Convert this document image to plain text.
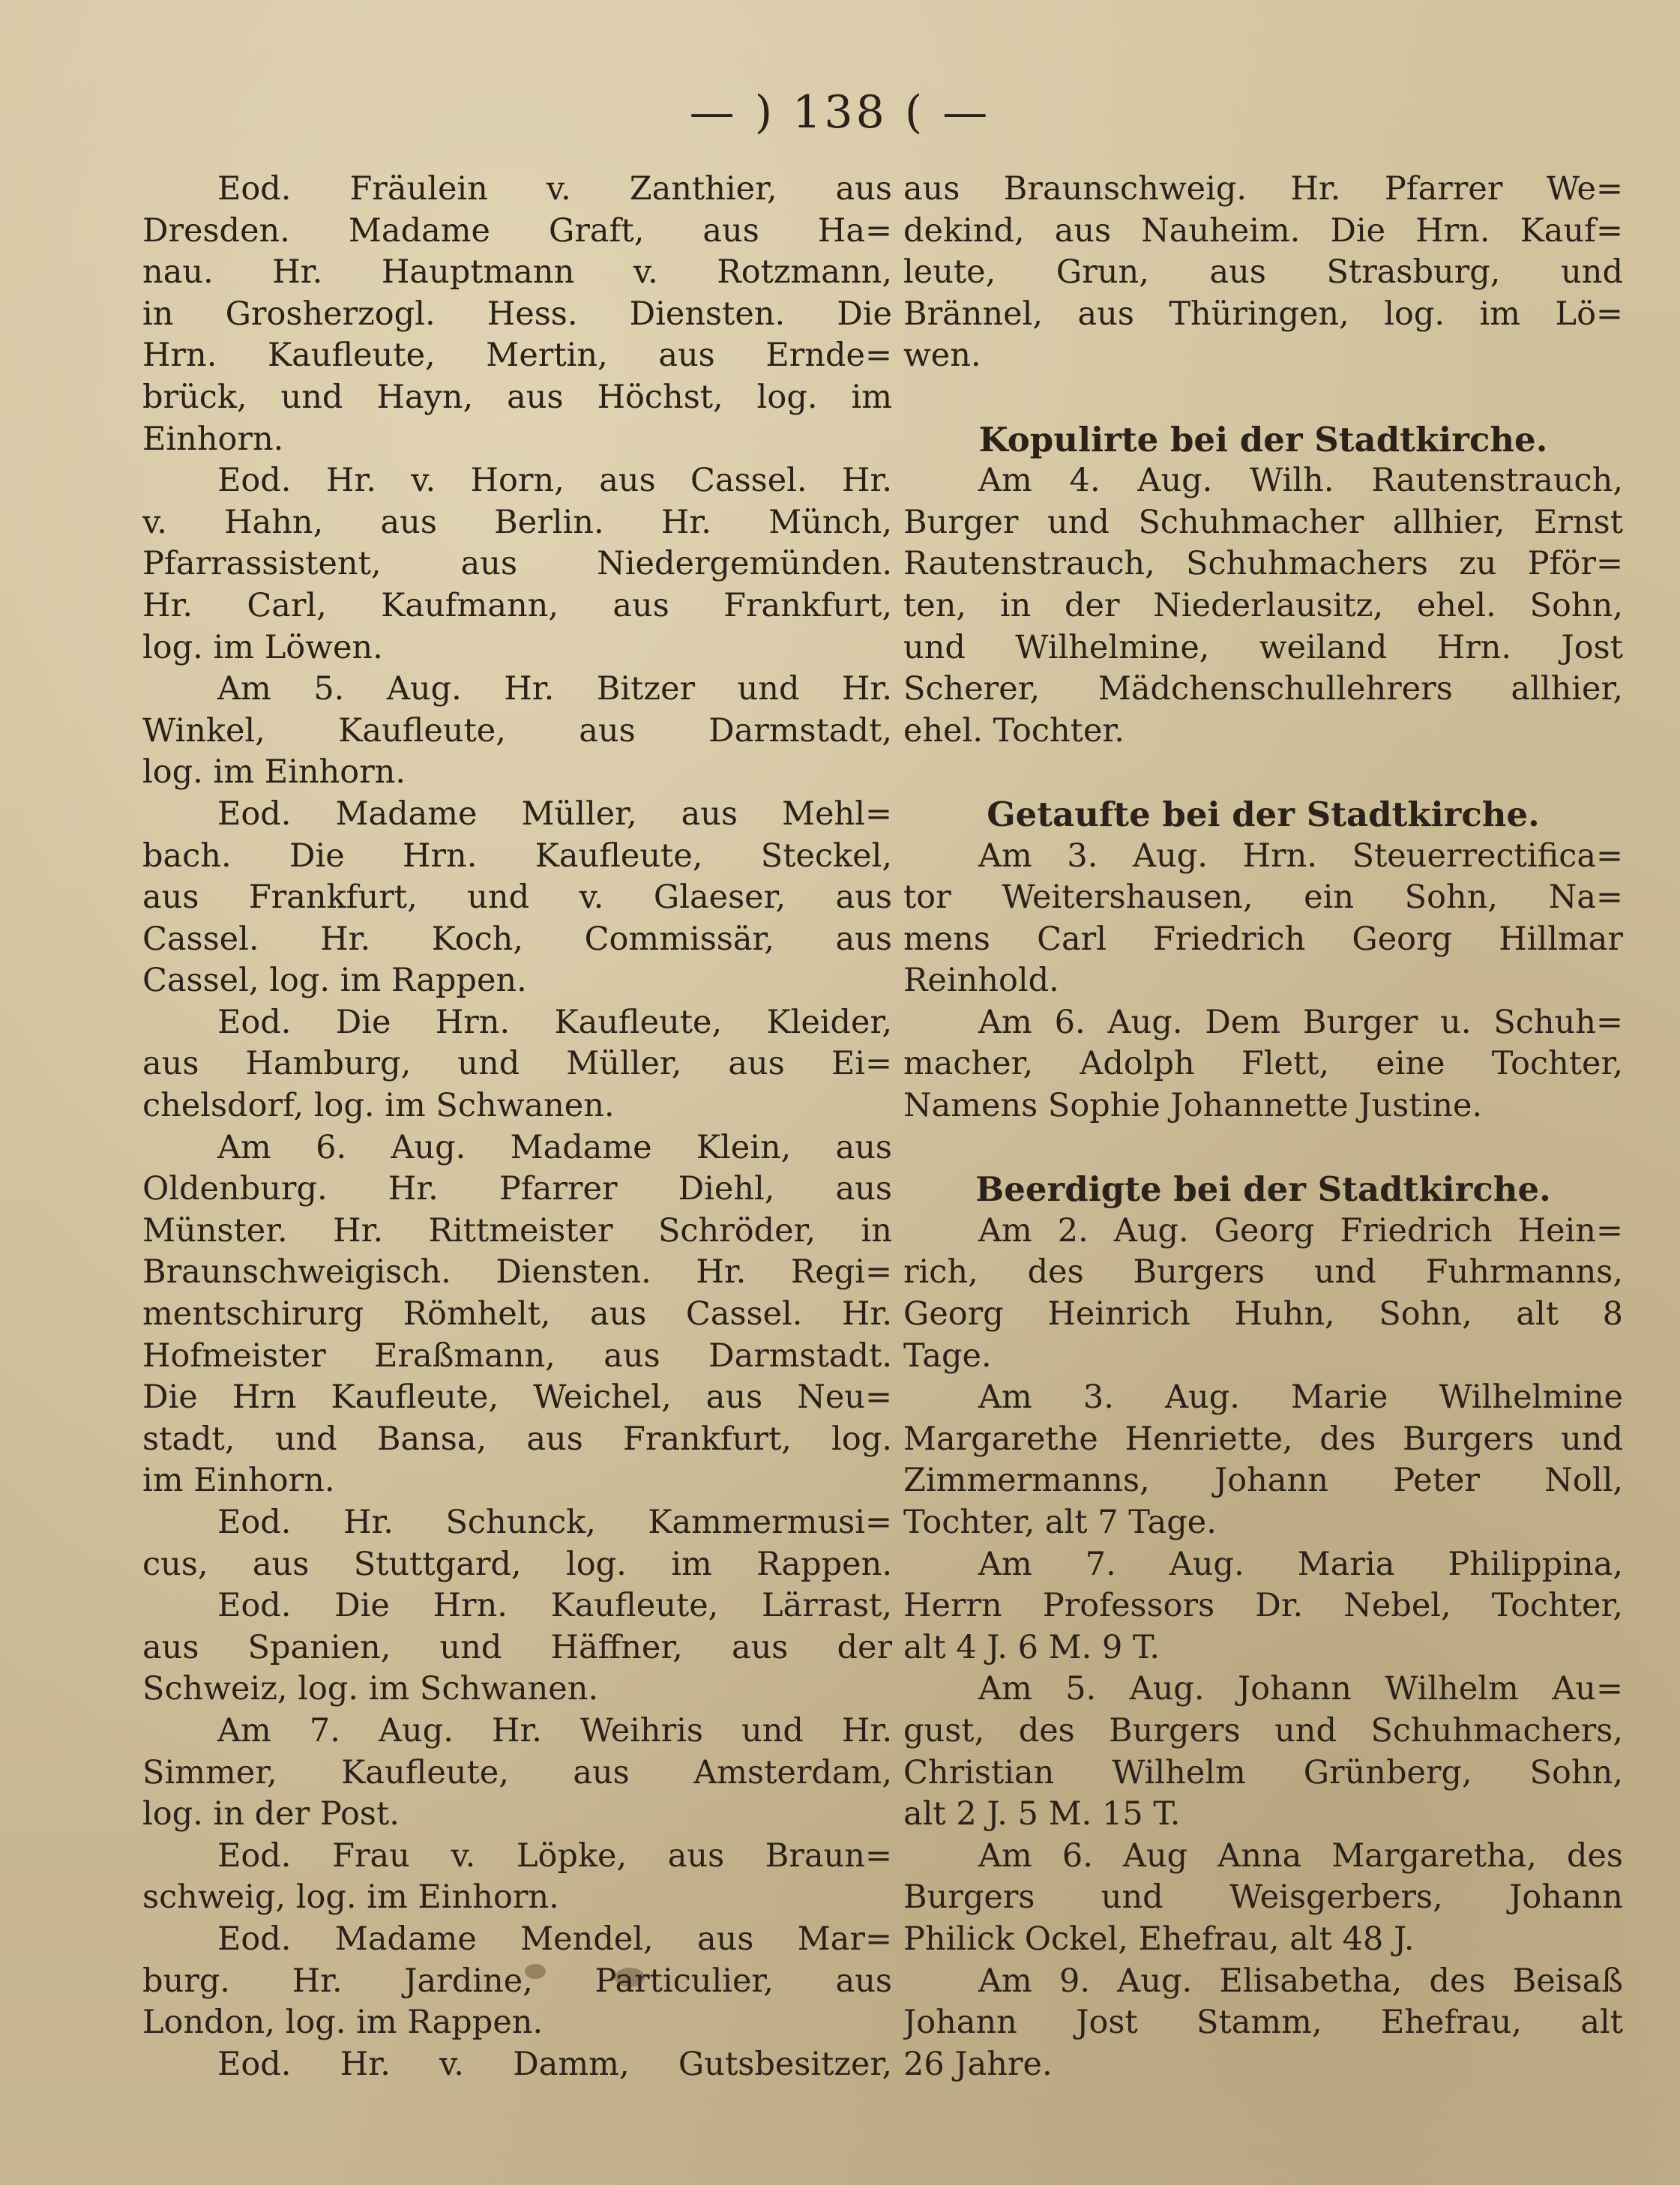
— ) 138 ( —
Eod. Fräulein v. Zanthier, aus
Dresden. Madame Graft, aus Ha=
nau. Hr. Hauptmann v. Rotzmann,
in Grosherzogl. Hess. Diensten. Die
Hrn. Kaufleute, Mertin, aus Ernde=
brück, und Hayn, aus Höchst, log. im
Einhorn.
Eod. Hr. v. Horn, aus Cassel. Hr.
v. Hahn, aus Berlin. Hr. Münch,
Pfarrassistent, aus Niedergemünden.
Hr. Carl, Kaufmann, aus Frankfurt,
log. im Löwen.
Am 5. Aug. Hr. Bitzer und Hr.
Winkel, Kaufleute, aus Darmstadt,
log. im Einhorn.
Eod. Madame Müller, aus Mehl=
bach. Die Hrn. Kaufleute, Steckel,
aus Frankfurt, und v. Glaeser, aus
Cassel. Hr. Koch, Commissär, aus
Cassel, log. im Rappen.
Eod. Die Hrn. Kaufleute, Kleider,
aus Hamburg, und Müller, aus Ei=
chelsdorf, log. im Schwanen.
Am 6. Aug. Madame Klein, aus
Oldenburg. Hr. Pfarrer Diehl, aus
Münster. Hr. Rittmeister Schröder, in
Braunschweigisch. Diensten. Hr. Regi=
mentschirurg Römhelt, aus Cassel. Hr.
Hofmeister Eraßmann, aus Darmstadt.
Die Hrn Kaufleute, Weichel, aus Neu=
stadt, und Bansa, aus Frankfurt, log.
im Einhorn.
Eod. Hr. Schunck, Kammermusi=
cus, aus Stuttgard, log. im Rappen.
Eod. Die Hrn. Kaufleute, Lärrast,
aus Spanien, und Häffner, aus der
Schweiz, log. im Schwanen.
Am 7. Aug. Hr. Weihris und Hr.
Simmer, Kaufleute, aus Amsterdam,
log. in der Post.
Eod. Frau v. Löpke, aus Braun=
schweig, log. im Einhorn.
Eod. Madame Mendel, aus Mar=
burg. Hr. Jardine, Particulier, aus
London, log. im Rappen.
Eod. Hr. v. Damm, Gutsbesitzer,
aus Braunschweig. Hr. Pfarrer We=
dekind, aus Nauheim. Die Hrn. Kauf=
leute, Grun, aus Strasburg, und
Brännel, aus Thüringen, log. im Lö=
wen.
Kopulirte bei der Stadtkirche.
Am 4. Aug. Wilh. Rautenstrauch,
Burger und Schuhmacher allhier, Ernst
Rautenstrauch, Schuhmachers zu Pför=
ten, in der Niederlausitz, ehel. Sohn,
und Wilhelmine, weiland Hrn. Jost
Scherer, Mädchenschullehrers allhier,
ehel. Tochter.
Getaufte bei der Stadtkirche.
Am 3. Aug. Hrn. Steuerrectifica=
tor Weitershausen, ein Sohn, Na=
mens Carl Friedrich Georg Hillmar
Reinhold.
Am 6. Aug. Dem Burger u. Schuh=
macher, Adolph Flett, eine Tochter,
Namens Sophie Johannette Justine.
Beerdigte bei der Stadtkirche.
Am 2. Aug. Georg Friedrich Hein=
rich, des Burgers und Fuhrmanns,
Georg Heinrich Huhn, Sohn, alt 8
Tage.
Am 3. Aug. Marie Wilhelmine
Margarethe Henriette, des Burgers und
Zimmermanns, Johann Peter Noll,
Tochter, alt 7 Tage.
Am 7. Aug. Maria Philippina,
Herrn Professors Dr. Nebel, Tochter,
alt 4 J. 6 M. 9 T.
Am 5. Aug. Johann Wilhelm Au=
gust, des Burgers und Schuhmachers,
Christian Wilhelm Grünberg, Sohn,
alt 2 J. 5 M. 15 T.
Am 6. Aug Anna Margaretha, des
Burgers und Weisgerbers, Johann
Philick Ockel, Ehefrau, alt 48 J.
Am 9. Aug. Elisabetha, des Beisaß
Johann Jost Stamm, Ehefrau, alt
26 Jahre.
